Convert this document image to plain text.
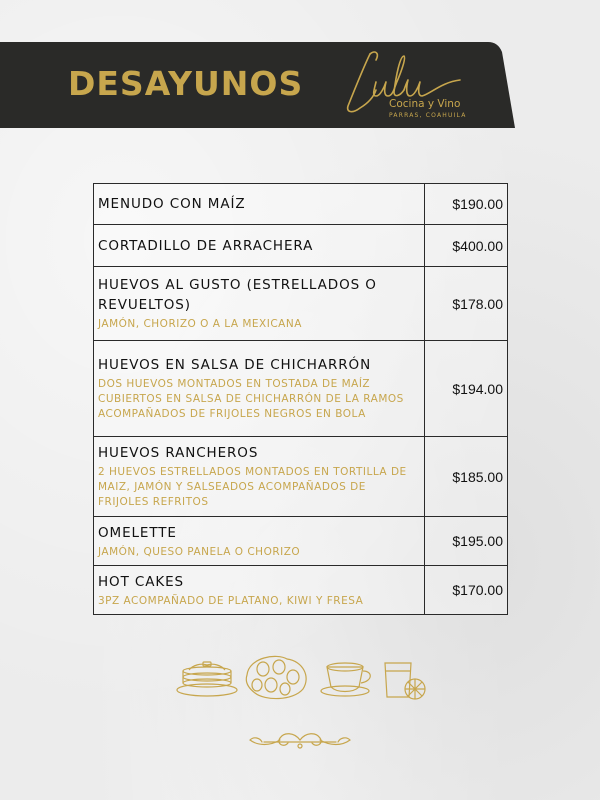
DESAYUNOS
Cocina y Vino
PARRAS, COAHUILA
MENUDO CON MAÍZ	$190.00

CORTADILLO DE ARRACHERA	$400.00

HUEVOS AL GUSTO (ESTRELLADOS O REVUELTOS)
JAMÓN, CHORIZO O A LA MEXICANA	$178.00

HUEVOS EN SALSA DE CHICHARRÓN
DOS HUEVOS MONTADOS EN TOSTADA DE MAÍZ CUBIERTOS EN SALSA DE CHICHARRÓN DE LA RAMOS ACOMPAÑADOS DE FRIJOLES NEGROS EN BOLA	$194.00

HUEVOS RANCHEROS
2 HUEVOS ESTRELLADOS MONTADOS EN TORTILLA DE MAIZ, JAMÓN Y SALSEADOS ACOMPAÑADOS DE FRIJOLES REFRITOS	$185.00

OMELETTE
JAMÓN, QUESO PANELA O CHORIZO	$195.00

HOT CAKES
3PZ ACOMPAÑADO DE PLATANO, KIWI Y FRESA	$170.00
